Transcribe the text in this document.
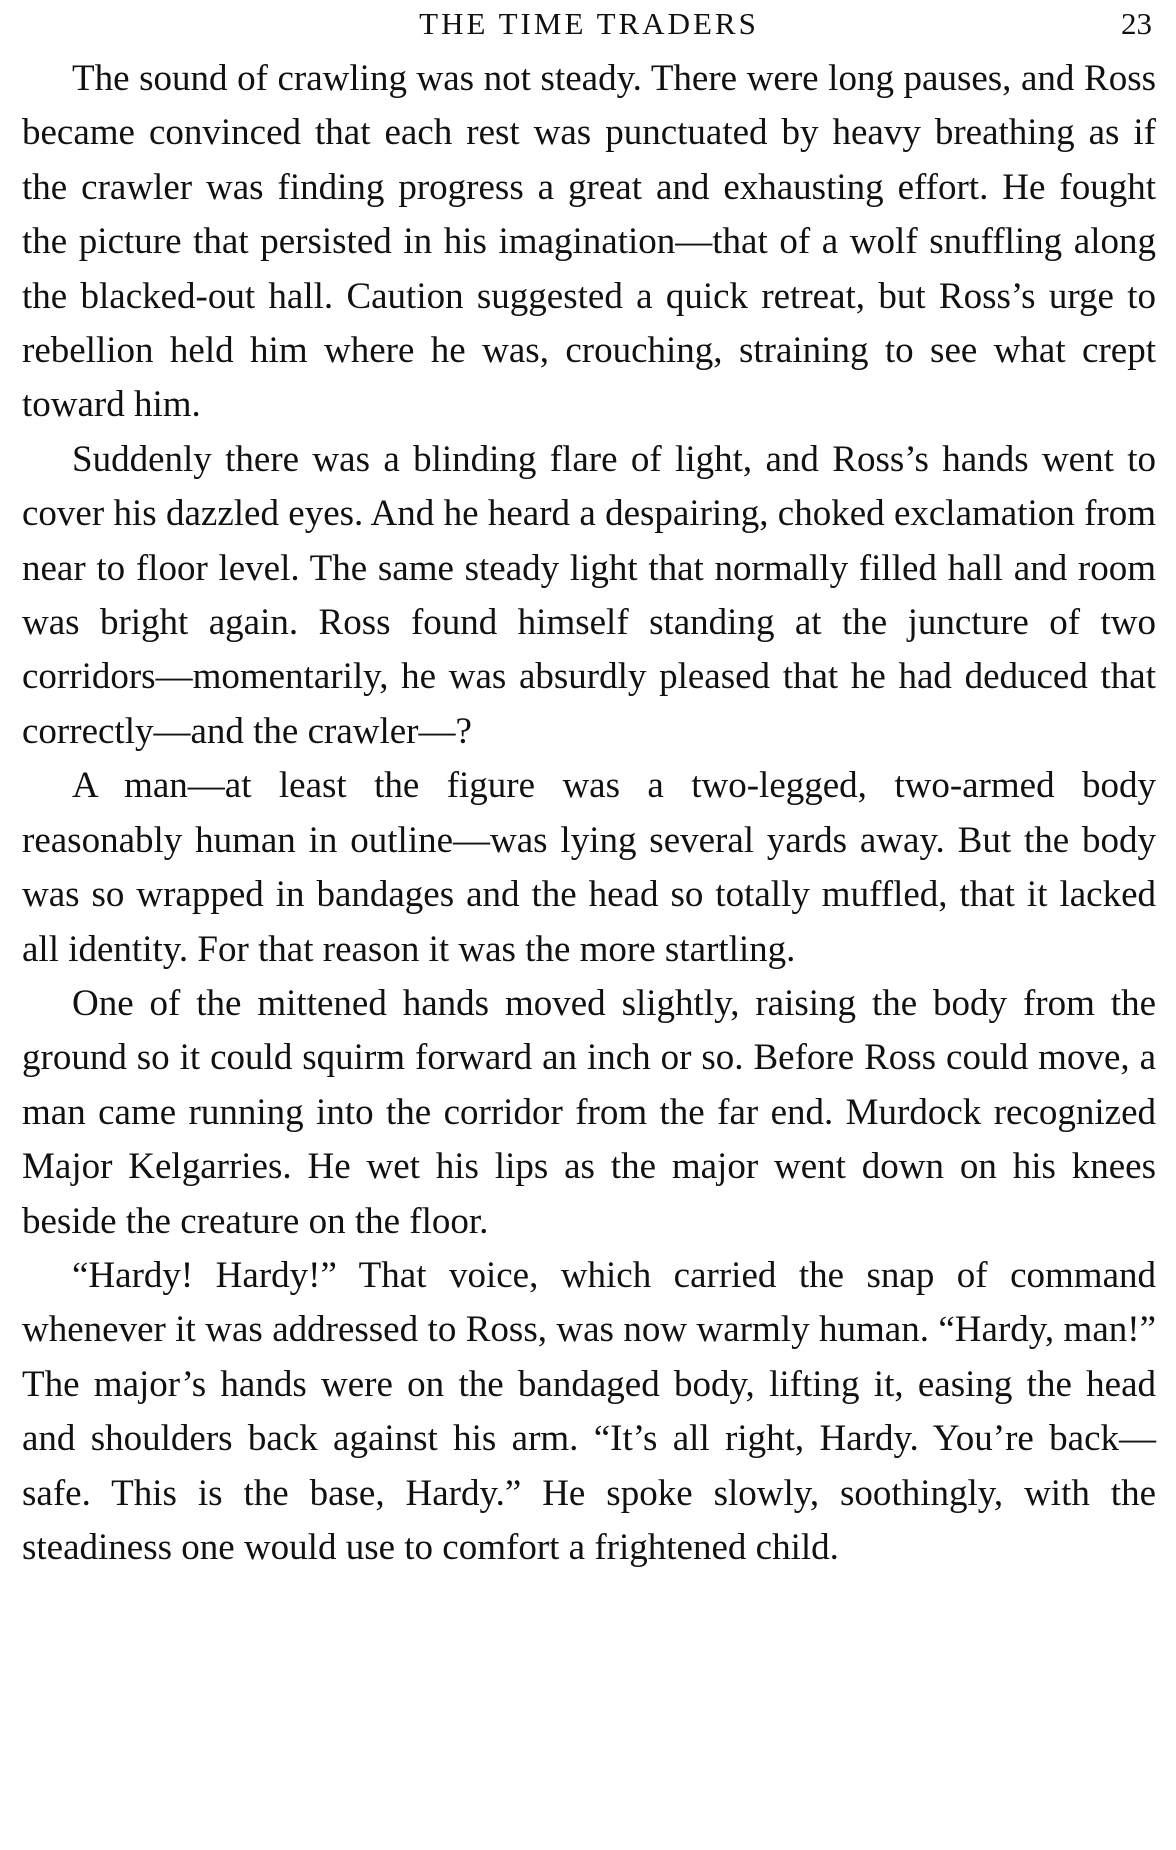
THE TIME TRADERS	23

The sound of crawling was not steady. There were long pauses, and Ross became convinced that each rest was punctuated by heavy breathing as if the crawler was finding progress a great and exhausting effort. He fought the picture that persisted in his imagination—that of a wolf snuffling along the blacked-out hall. Caution suggested a quick retreat, but Ross’s urge to rebellion held him where he was, crouching, straining to see what crept toward him.

Suddenly there was a blinding flare of light, and Ross’s hands went to cover his dazzled eyes. And he heard a despairing, choked exclamation from near to floor level. The same steady light that normally filled hall and room was bright again. Ross found himself standing at the juncture of two corridors—momentarily, he was absurdly pleased that he had deduced that correctly—and the crawler—?

A man—at least the figure was a two-legged, two-armed body reasonably human in outline—was lying several yards away. But the body was so wrapped in bandages and the head so totally muffled, that it lacked all identity. For that reason it was the more startling.

One of the mittened hands moved slightly, raising the body from the ground so it could squirm forward an inch or so. Before Ross could move, a man came running into the corridor from the far end. Murdock recognized Major Kelgarries. He wet his lips as the major went down on his knees beside the creature on the floor.

“Hardy! Hardy!” That voice, which carried the snap of command whenever it was addressed to Ross, was now warmly human. “Hardy, man!” The major’s hands were on the bandaged body, lifting it, easing the head and shoulders back against his arm. “It’s all right, Hardy. You’re back—safe. This is the base, Hardy.” He spoke slowly, soothingly, with the steadiness one would use to comfort a frightened child.
